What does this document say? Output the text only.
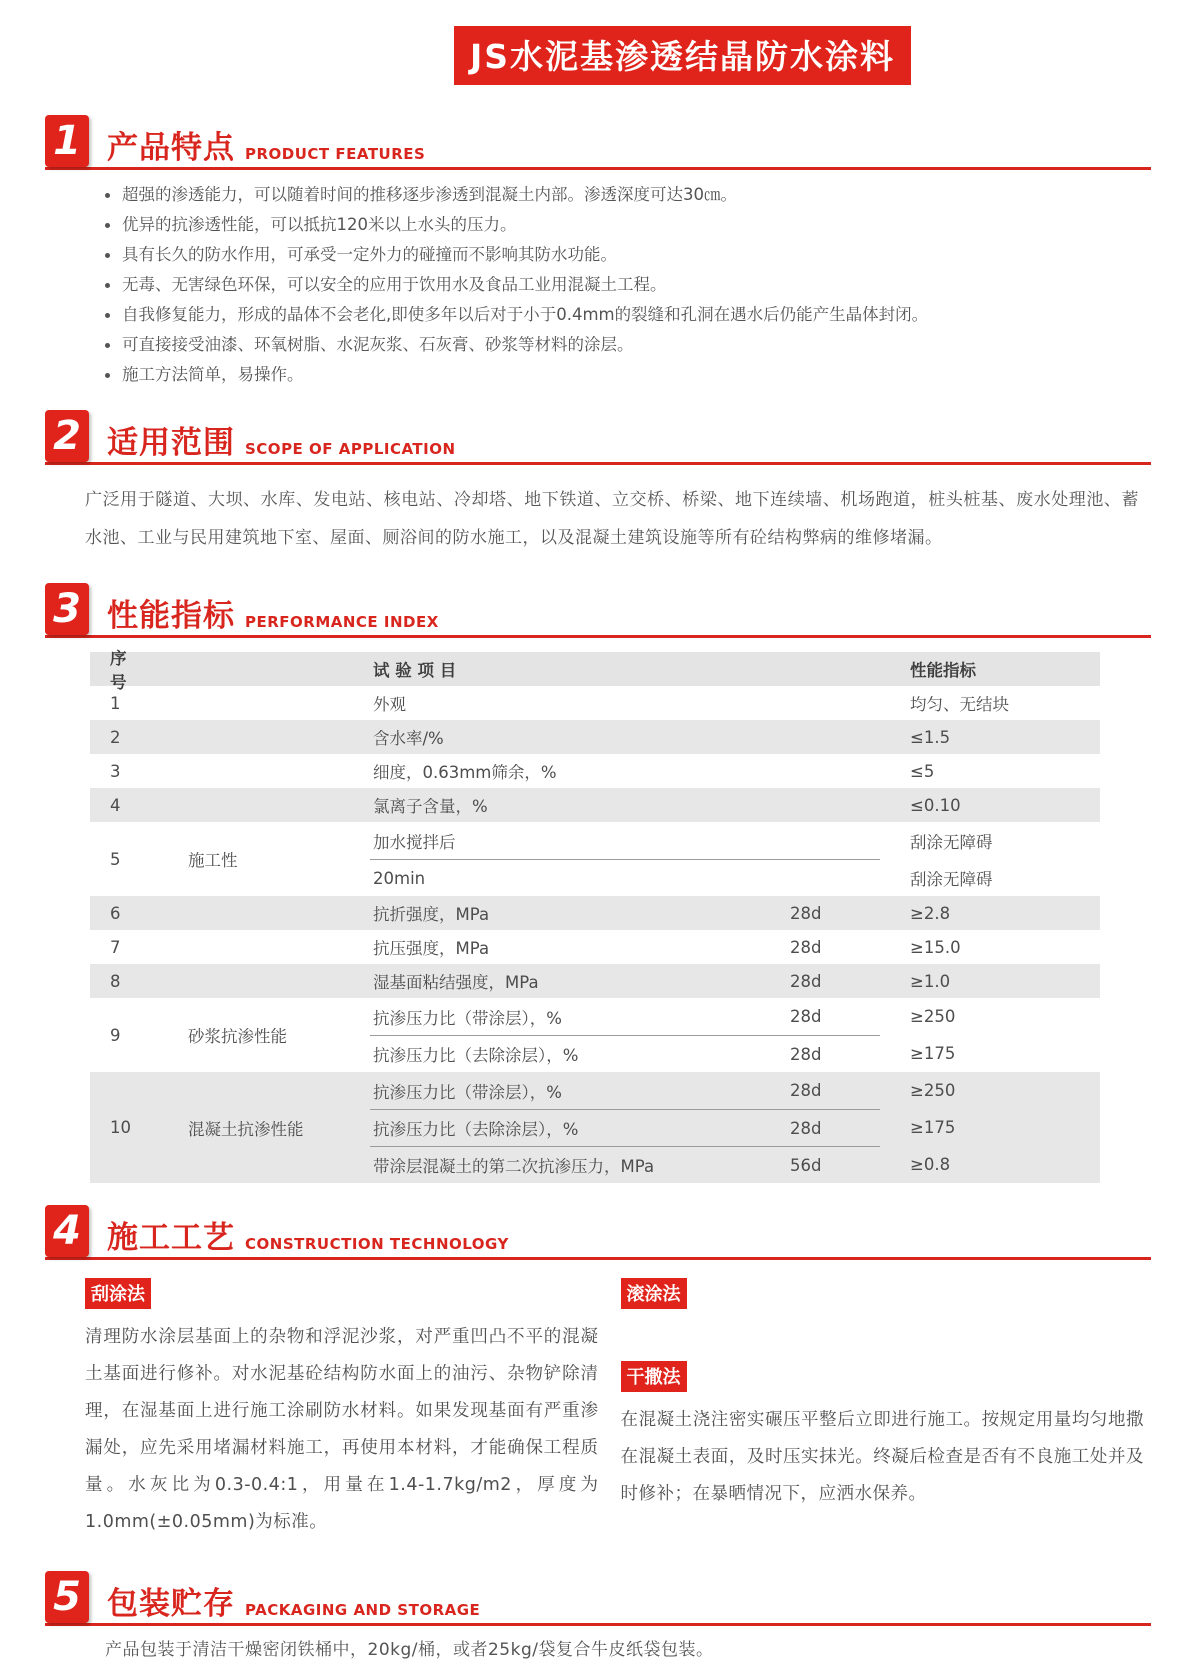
JS水泥基渗透结晶防水涂料
1 产品特点 PRODUCT FEATURES
超强的渗透能力，可以随着时间的推移逐步渗透到混凝土内部。渗透深度可达30㎝。
优异的抗渗透性能，可以抵抗120米以上水头的压力。
具有长久的防水作用，可承受一定外力的碰撞而不影响其防水功能。
无毒、无害绿色环保，可以安全的应用于饮用水及食品工业用混凝土工程。
自我修复能力，形成的晶体不会老化,即使多年以后对于小于0.4mm的裂缝和孔洞在遇水后仍能产生晶体封闭。
可直接接受油漆、环氧树脂、水泥灰浆、石灰膏、砂浆等材料的涂层。
施工方法简单，易操作。
2 适用范围 SCOPE OF APPLICATION
广泛用于隧道、大坝、水库、发电站、核电站、冷却塔、地下铁道、立交桥、桥梁、地下连续墙、机场跑道，桩头桩基、废水处理池、蓄水池、工业与民用建筑地下室、屋面、厕浴间的防水施工，以及混凝土建筑设施等所有砼结构弊病的维修堵漏。
3 性能指标 PERFORMANCE INDEX
序号
试 验 项 目	性能指标
1	外观	均匀、无结块
2	含水率/%	≤1.5
3	细度，0.63mm筛余，%	≤5
4	氯离子含量，%	≤0.10
5	施工性
加水搅拌后	刮涂无障碍
20min	刮涂无障碍
6	抗折强度，MPa	28d	≥2.8
7	抗压强度，MPa	28d	≥15.0
8	湿基面粘结强度，MPa	28d	≥1.0
9	砂浆抗渗性能
抗渗压力比（带涂层），%	28d	≥250
抗渗压力比（去除涂层），%	28d	≥175
10	混凝土抗渗性能
抗渗压力比（带涂层），%	28d	≥250
抗渗压力比（去除涂层），%	28d	≥175
带涂层混凝土的第二次抗渗压力，MPa	56d	≥0.8
4 施工工艺 CONSTRUCTION TECHNOLOGY
刮涂法
清理防水涂层基面上的杂物和浮泥沙浆，对严重凹凸不平的混凝土基面进行修补。对水泥基砼结构防水面上的油污、杂物铲除清理，在湿基面上进行施工涂刷防水材料。如果发现基面有严重渗漏处，应先采用堵漏材料施工，再使用本材料，才能确保工程质量。水灰比为0.3-0.4:1，用量在1.4-1.7kg/m2，厚度为1.0mm(±0.05mm)为标准。
滚涂法
干撒法
在混凝土浇注密实碾压平整后立即进行施工。按规定用量均匀地撒在混凝土表面，及时压实抹光。终凝后检查是否有不良施工处并及时修补；在暴晒情况下，应洒水保养。
5 包装贮存 PACKAGING AND STORAGE
产品包装于清洁干燥密闭铁桶中，20kg/桶，或者25kg/袋复合牛皮纸袋包装。
